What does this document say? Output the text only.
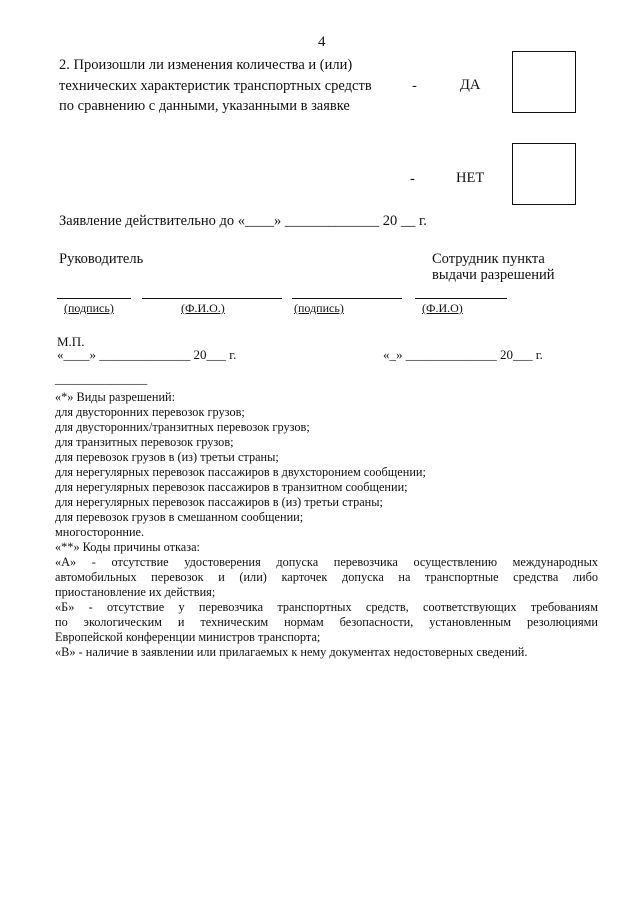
4
2. Произошли ли изменения количества и (или)
технических характеристик транспортных средств
по сравнению с данными, указанными в заявке
-	ДА
-	НЕТ
Заявление действительно до «____» _____________ 20 __ г.
Руководитель	Сотрудник пункта
выдачи разрешений
(подпись)	(Ф.И.О.)	(подпись)	(Ф.И.О)
М.П.
«____» ______________ 20___ г.	«_» ______________ 20___ г.
_______________
«*» Виды разрешений:
для двусторонних перевозок грузов;
для двусторонних/транзитных перевозок грузов;
для транзитных перевозок грузов;
для перевозок грузов в (из) третьи страны;
для нерегулярных перевозок пассажиров в двухсторонием сообщении;
для нерегулярных перевозок пассажиров в транзитном сообщении;
для нерегулярных перевозок пассажиров в (из) третьи страны;
для перевозок грузов в смешанном сообщении;
многосторонние.
«**» Коды причины отказа:
«А» - отсутствие удостоверения допуска перевозчика осуществлению международных
автомобильных перевозок и (или) карточек допуска на транспортные средства либо
приостановление их действия;
«Б» - отсутствие у перевозчика транспортных средств, соответствующих требованиям
по экологическим и техническим нормам безопасности, установленным резолюциями
Европейской конференции министров транспорта;
«В» - наличие в заявлении или прилагаемых к нему документах недостоверных сведений.
